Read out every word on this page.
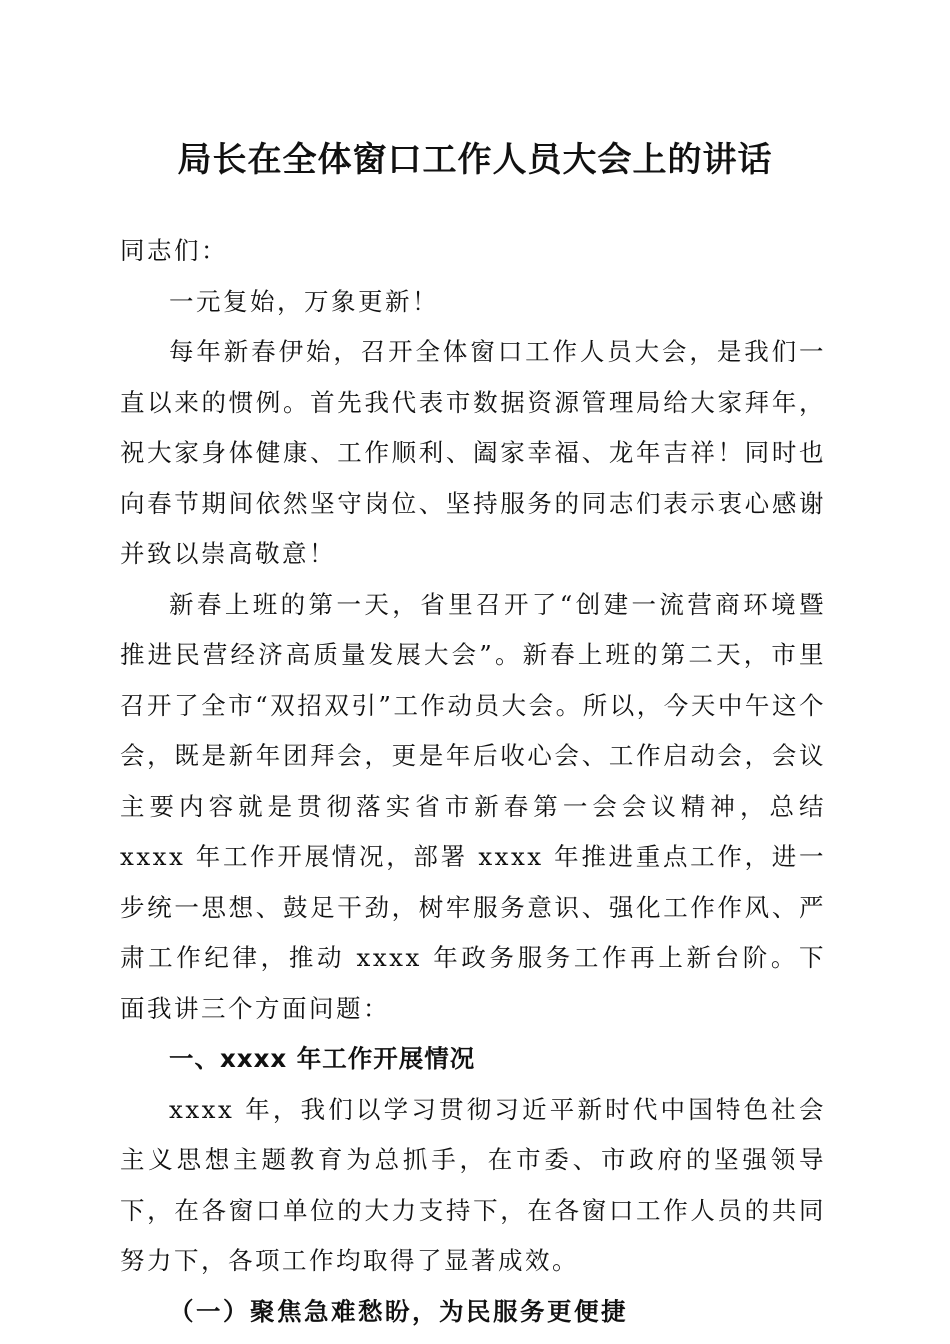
局长在全体窗口工作人员大会上的讲话

同志们：

一元复始，万象更新！

每年新春伊始，召开全体窗口工作人员大会，是我们一直以来的惯例。首先我代表市数据资源管理局给大家拜年，祝大家身体健康、工作顺利、阖家幸福、龙年吉祥！同时也向春节期间依然坚守岗位、坚持服务的同志们表示衷心感谢并致以崇高敬意！

新春上班的第一天，省里召开了“创建一流营商环境暨推进民营经济高质量发展大会”。新春上班的第二天，市里召开了全市“双招双引”工作动员大会。所以，今天中午这个会，既是新年团拜会，更是年后收心会、工作启动会，会议主要内容就是贯彻落实省市新春第一会会议精神，总结 xxxx 年工作开展情况，部署 xxxx 年推进重点工作，进一步统一思想、鼓足干劲，树牢服务意识、强化工作作风、严肃工作纪律，推动 xxxx 年政务服务工作再上新台阶。下面我讲三个方面问题：

一、xxxx 年工作开展情况

xxxx 年，我们以学习贯彻习近平新时代中国特色社会主义思想主题教育为总抓手，在市委、市政府的坚强领导下，在各窗口单位的大力支持下，在各窗口工作人员的共同努力下，各项工作均取得了显著成效。

（一）聚焦急难愁盼，为民服务更便捷
